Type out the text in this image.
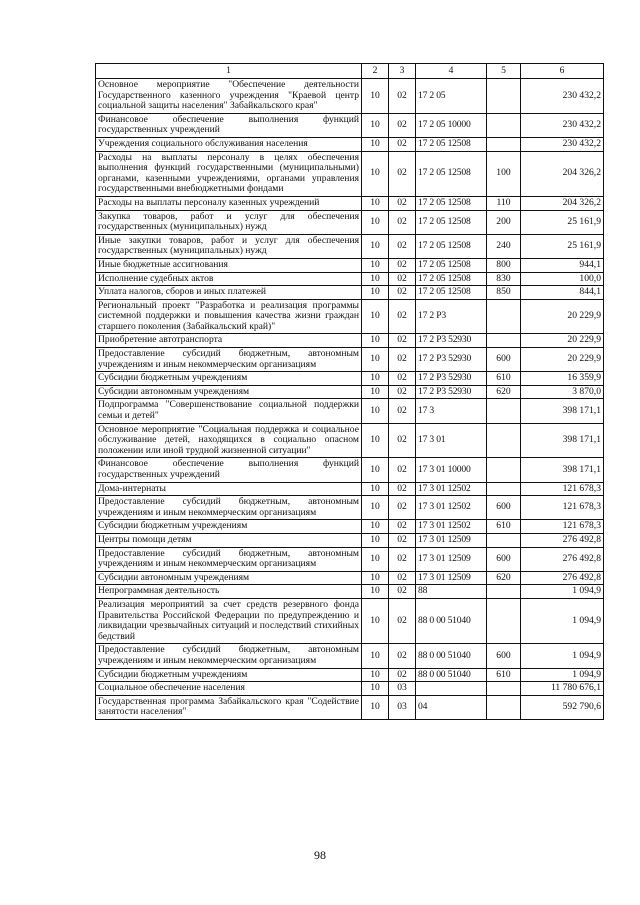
1	2	3	4	5	6
Основное мероприятие "Обеспечение деятельности Государственного казенного учреждения "Краевой центр социальной защиты населения" Забайкальского края"	10	02	17 2 05		230 432,2
Финансовое обеспечение выполнения функций государственных учреждений	10	02	17 2 05 10000		230 432,2
Учреждения социального обслуживания населения	10	02	17 2 05 12508		230 432,2
Расходы на выплаты персоналу в целях обеспечения выполнения функций государственными (муниципальными) органами, казенными учреждениями, органами управления государственными внебюджетными фондами	10	02	17 2 05 12508	100	204 326,2
Расходы на выплаты персоналу казенных учреждений	10	02	17 2 05 12508	110	204 326,2
Закупка товаров, работ и услуг для обеспечения государственных (муниципальных) нужд	10	02	17 2 05 12508	200	25 161,9
Иные закупки товаров, работ и услуг для обеспечения государственных (муниципальных) нужд	10	02	17 2 05 12508	240	25 161,9
Иные бюджетные ассигнования	10	02	17 2 05 12508	800	944,1
Исполнение судебных актов	10	02	17 2 05 12508	830	100,0
Уплата налогов, сборов и иных платежей	10	02	17 2 05 12508	850	844,1
Региональный проект "Разработка и реализация программы системной поддержки и повышения качества жизни граждан старшего поколения (Забайкальский край)"	10	02	17 2 P3		20 229,9
Приобретение автотранспорта	10	02	17 2 P3 52930		20 229,9
Предоставление субсидий бюджетным, автономным учреждениям и иным некоммерческим организациям	10	02	17 2 P3 52930	600	20 229,9
Субсидии бюджетным учреждениям	10	02	17 2 P3 52930	610	16 359,9
Субсидии автономным учреждениям	10	02	17 2 P3 52930	620	3 870,0
Подпрограмма "Совершенствование социальной поддержки семьи и детей"	10	02	17 3		398 171,1
Основное мероприятие "Социальная поддержка и социальное обслуживание детей, находящихся в социально опасном положении или иной трудной жизненной ситуации"	10	02	17 3 01		398 171,1
Финансовое обеспечение выполнения функций государственных учреждений	10	02	17 3 01 10000		398 171,1
Дома-интернаты	10	02	17 3 01 12502		121 678,3
Предоставление субсидий бюджетным, автономным учреждениям и иным некоммерческим организациям	10	02	17 3 01 12502	600	121 678,3
Субсидии бюджетным учреждениям	10	02	17 3 01 12502	610	121 678,3
Центры помощи детям	10	02	17 3 01 12509		276 492,8
Предоставление субсидий бюджетным, автономным учреждениям и иным некоммерческим организациям	10	02	17 3 01 12509	600	276 492,8
Субсидии автономным учреждениям	10	02	17 3 01 12509	620	276 492,8
Непрограммная деятельность	10	02	88		1 094,9
Реализация мероприятий за счет средств резервного фонда Правительства Российской Федерации по предупреждению и ликвидации чрезвычайных ситуаций и последствий стихийных бедствий	10	02	88 0 00 51040		1 094,9
Предоставление субсидий бюджетным, автономным учреждениям и иным некоммерческим организациям	10	02	88 0 00 51040	600	1 094,9
Субсидии бюджетным учреждениям	10	02	88 0 00 51040	610	1 094,9
Социальное обеспечение населения	10	03			11 780 676,1
Государственная программа Забайкальского края "Содействие занятости населения"	10	03	04		592 790,6
98
